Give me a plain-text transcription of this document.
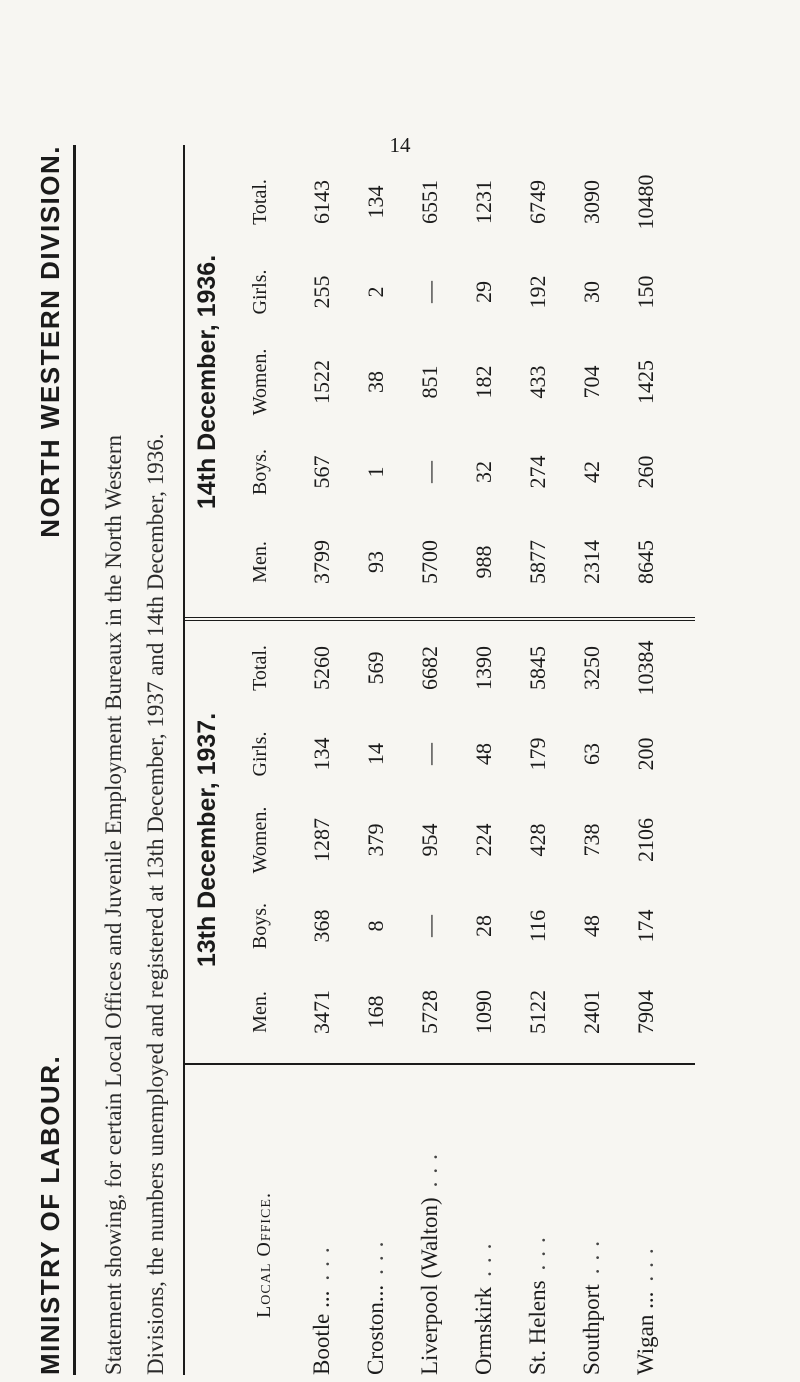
14
MINISTRY OF LABOUR.
NORTH WESTERN DIVISION.
Statement showing, for certain Local Offices and Juvenile Employment Bureaux in the North Western Divisions, the numbers unemployed and registered at 13th December, 1937 and 14th December, 1936.	Local Office.
Bootle ...
...
Croston...
... Liverpool (Walton)
...
Ormskirk
...
St. Helens
...
Southport
...
Wigan ...
...
13th December, 1937.
Men.
Boys.
Women.
Girls.
Total.
3471
368
1287
134
5260
168
8
379
14
569
5728
—
954
—
6682
1090
28
224
48
1390
5122
116
428
179
5845
2401
48
738
63
3250
7904
174
2106
200
10384
14th December, 1936.
Men.
Boys.
Women.
Girls.
Total.
3799
567
1522
255
6143
93
1
38
2
134
5700
—
851
—
6551
988
32
182
29
1231
5877
274
433
192
6749
2314
42
704
30
3090
8645
260
1425
150
10480
